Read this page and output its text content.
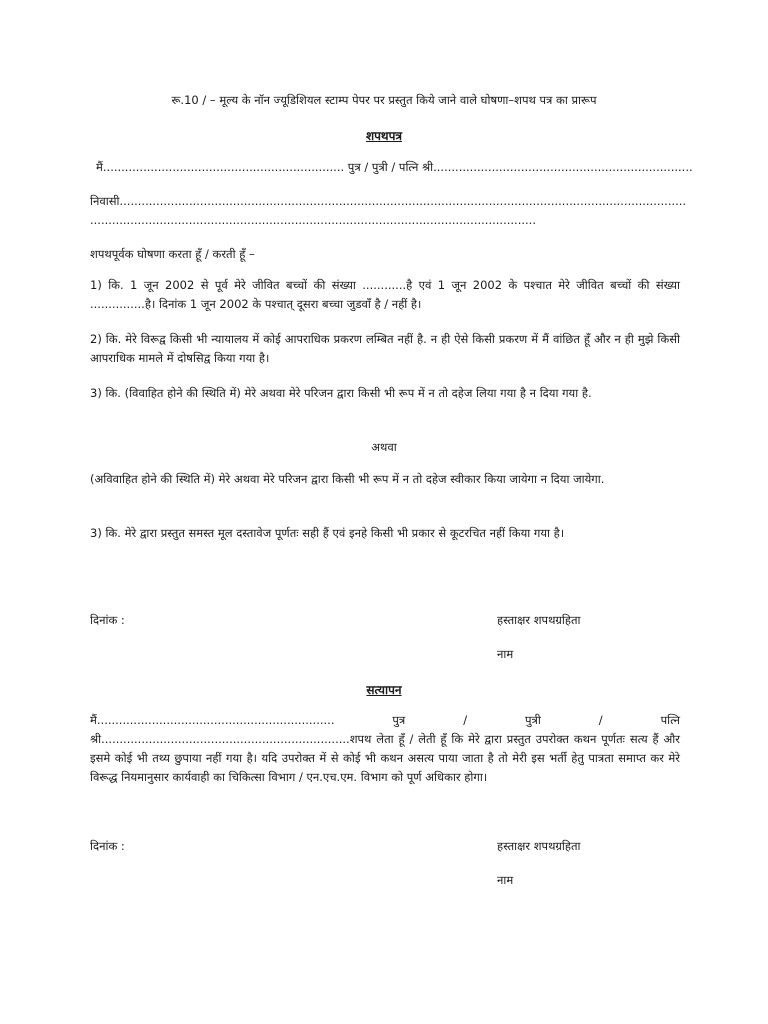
रू.10 / – मूल्य के नॉन ज्यूडिशियल स्टाम्प पेपर पर प्रस्तुत किये जाने वाले घोषणा–शपथ पत्र का प्रारूप
शपथपत्र
मैं.................................................................. पुत्र / पुत्री / पत्नि श्री.......................................................................
निवासी...........................................................................................................................................................
..........................................................................................................................
शपथपूर्वक घोषणा करता हूँ / करती हूँ –
1) कि. 1 जून 2002 से पूर्व मेरे जीवित बच्चों की संख्या ............है एवं 1 जून 2002 के पश्चात मेरे जीवित बच्चों की संख्या ...............है। दिनांक 1 जून 2002 के पश्चात् दूसरा बच्चा जुडवॉं है / नहीं है।
2) कि. मेरे विरूद्व किसी भी न्यायालय में कोई आपराधिक प्रकरण लम्बित नहीं है. न ही ऐसे किसी प्रकरण में मैं वांछित हूँ और न ही मुझे किसी आपराधिक मामले में दोषसिद्व किया गया है।
3) कि. (विवाहित होने की स्थिति में) मेरे अथवा मेरे परिजन द्वारा किसी भी रूप में न तो दहेज लिया गया है न दिया गया है.
अथवा
(अविवाहित होने की स्थिति में) मेरे अथवा मेरे परिजन द्वारा किसी भी रूप में न तो दहेज स्वीकार किया जायेगा न दिया जायेगा.
3) कि. मेरे द्वारा प्रस्तुत समस्त मूल दस्तावेज पूर्णतः सही हैं एवं इनहे किसी भी प्रकार से कूटरचित नहीं किया गया है।
दिनांक :	हस्ताक्षर शपथग्रहिता
नाम
सत्यापन
मैं................................................................. पुत्र / पुत्री / पत्नि श्री....................................................................शपथ लेता हूँ / लेती हूँ कि मेरे द्वारा प्रस्तुत उपरोक्त कथन पूर्णतः सत्य हैं और इसमे कोई भी तथ्य छुपाया नहीं गया है। यदि उपरोक्त में से कोई भी कथन असत्य पाया जाता है तो मेरी इस भर्ती हेतु पात्रता समाप्त कर मेरे विरूद्ध नियमानुसार कार्यवाही का चिकित्सा विभाग / एन.एच.एम. विभाग को पूर्ण अधिकार होगा।
दिनांक :	हस्ताक्षर शपथग्रहिता
नाम
